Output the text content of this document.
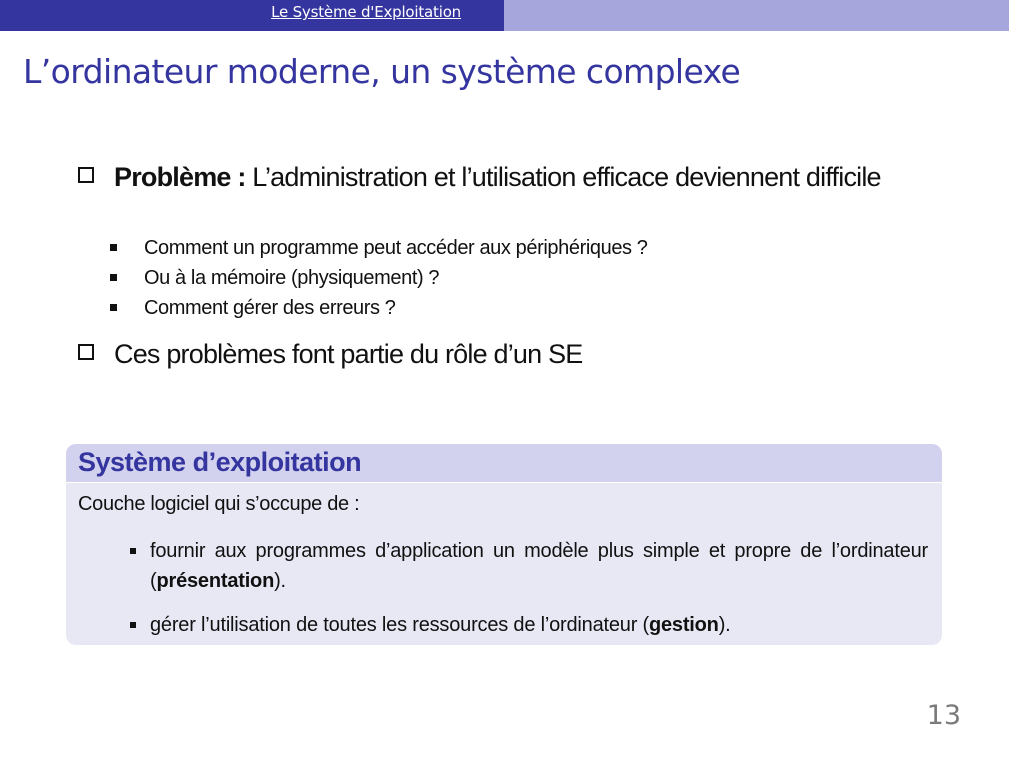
Le Système d'Exploitation
L’ordinateur moderne, un système complexe
Problème : L’administration et l’utilisation efficace deviennent difficile
Comment un programme peut accéder aux périphériques ?
Ou à la mémoire (physiquement) ?
Comment gérer des erreurs ?
Ces problèmes font partie du rôle d’un SE
Système d’exploitation
Couche logiciel qui s’occupe de :
fournir aux programmes d’application un modèle plus simple et propre de l’ordinateur (présentation).
gérer l’utilisation de toutes les ressources de l’ordinateur (gestion).
13
